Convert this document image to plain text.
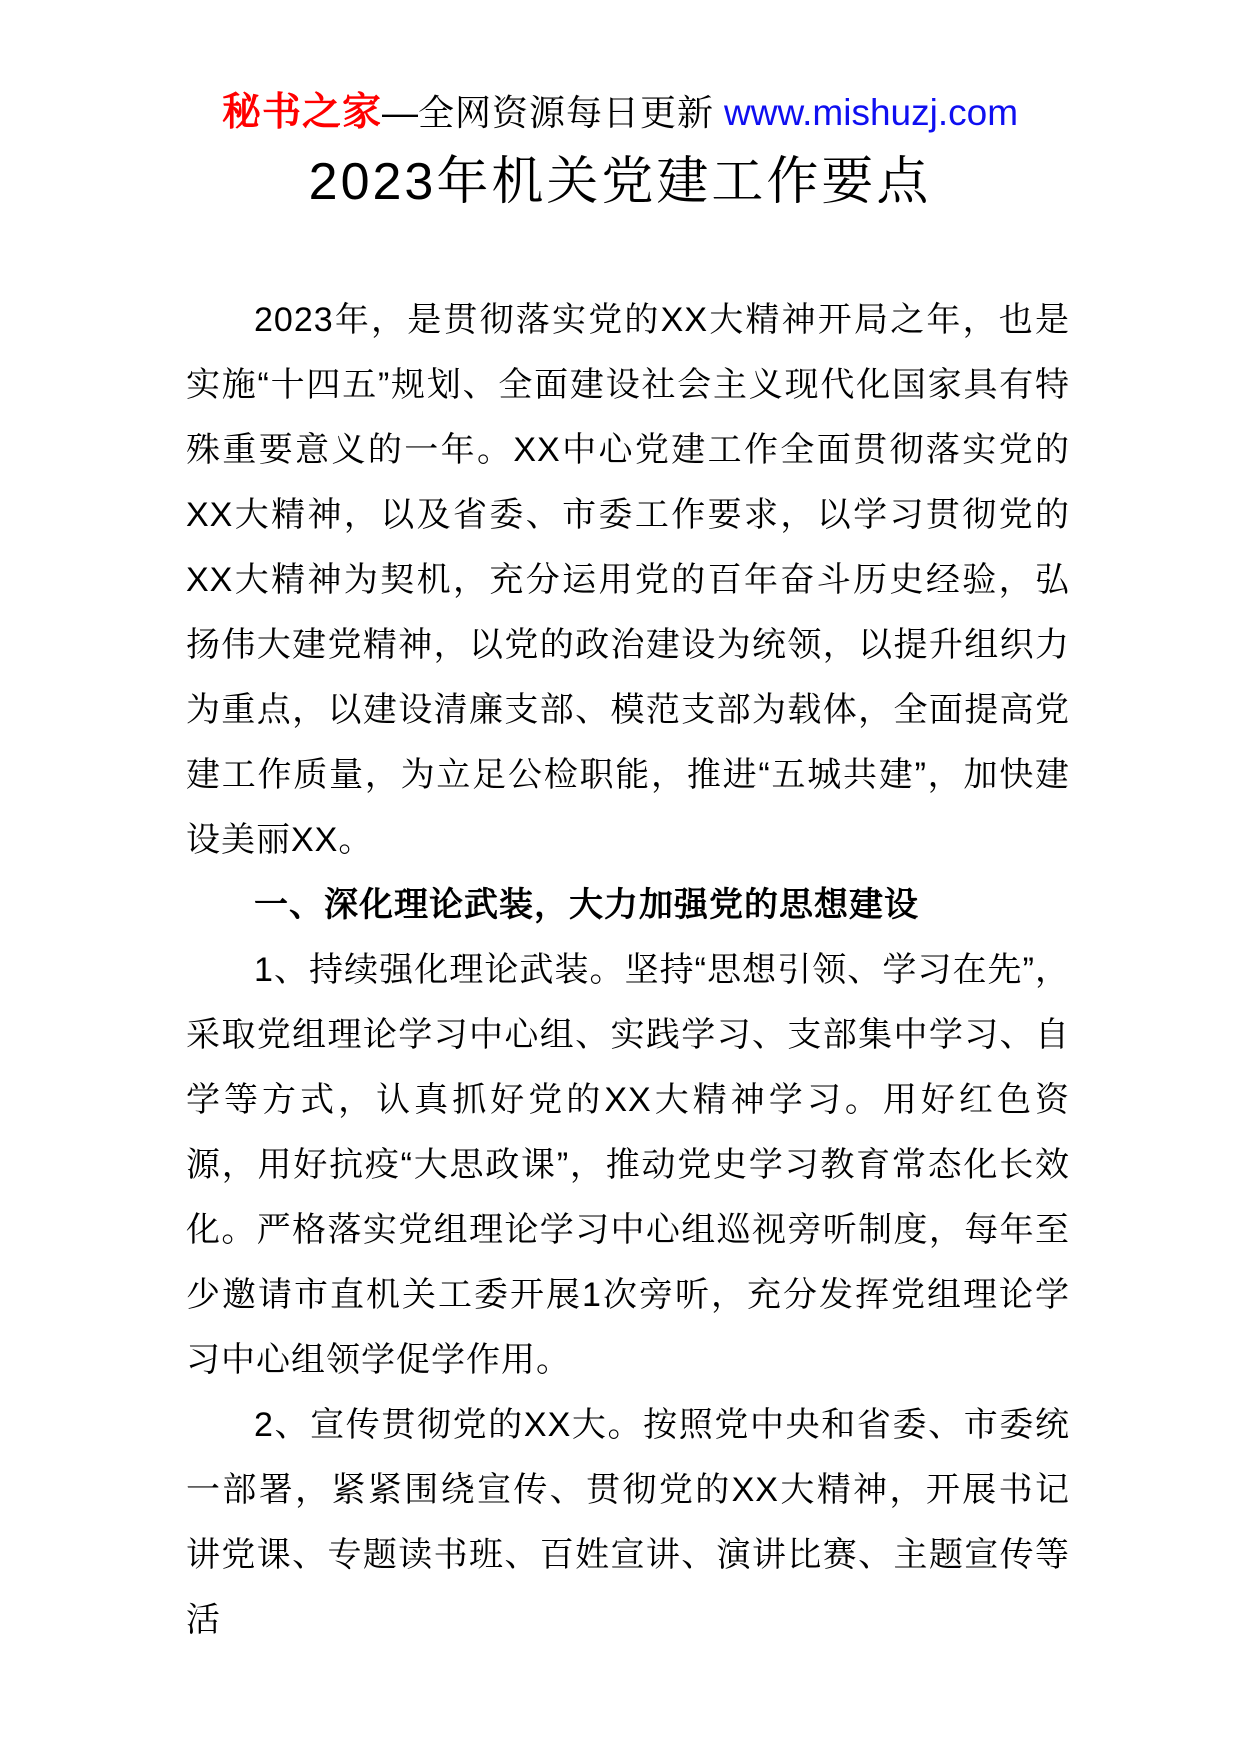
秘书之家—全网资源每日更新 www.mishuzj.com
2023年机关党建工作要点

2023年，是贯彻落实党的XX大精神开局之年，也是实施“十四五”规划、全面建设社会主义现代化国家具有特殊重要意义的一年。XX中心党建工作全面贯彻落实党的XX大精神，以及省委、市委工作要求，以学习贯彻党的XX大精神为契机，充分运用党的百年奋斗历史经验，弘扬伟大建党精神，以党的政治建设为统领，以提升组织力为重点，以建设清廉支部、模范支部为载体，全面提高党建工作质量，为立足公检职能，推进“五城共建”，加快建设美丽XX。

一、深化理论武装，大力加强党的思想建设

1、持续强化理论武装。坚持“思想引领、学习在先”，采取党组理论学习中心组、实践学习、支部集中学习、自学等方式，认真抓好党的XX大精神学习。用好红色资源，用好抗疫“大思政课”，推动党史学习教育常态化长效化。严格落实党组理论学习中心组巡视旁听制度，每年至少邀请市直机关工委开展1次旁听，充分发挥党组理论学习中心组领学促学作用。

2、宣传贯彻党的XX大。按照党中央和省委、市委统一部署，紧紧围绕宣传、贯彻党的XX大精神，开展书记讲党课、专题读书班、百姓宣讲、演讲比赛、主题宣传等活
